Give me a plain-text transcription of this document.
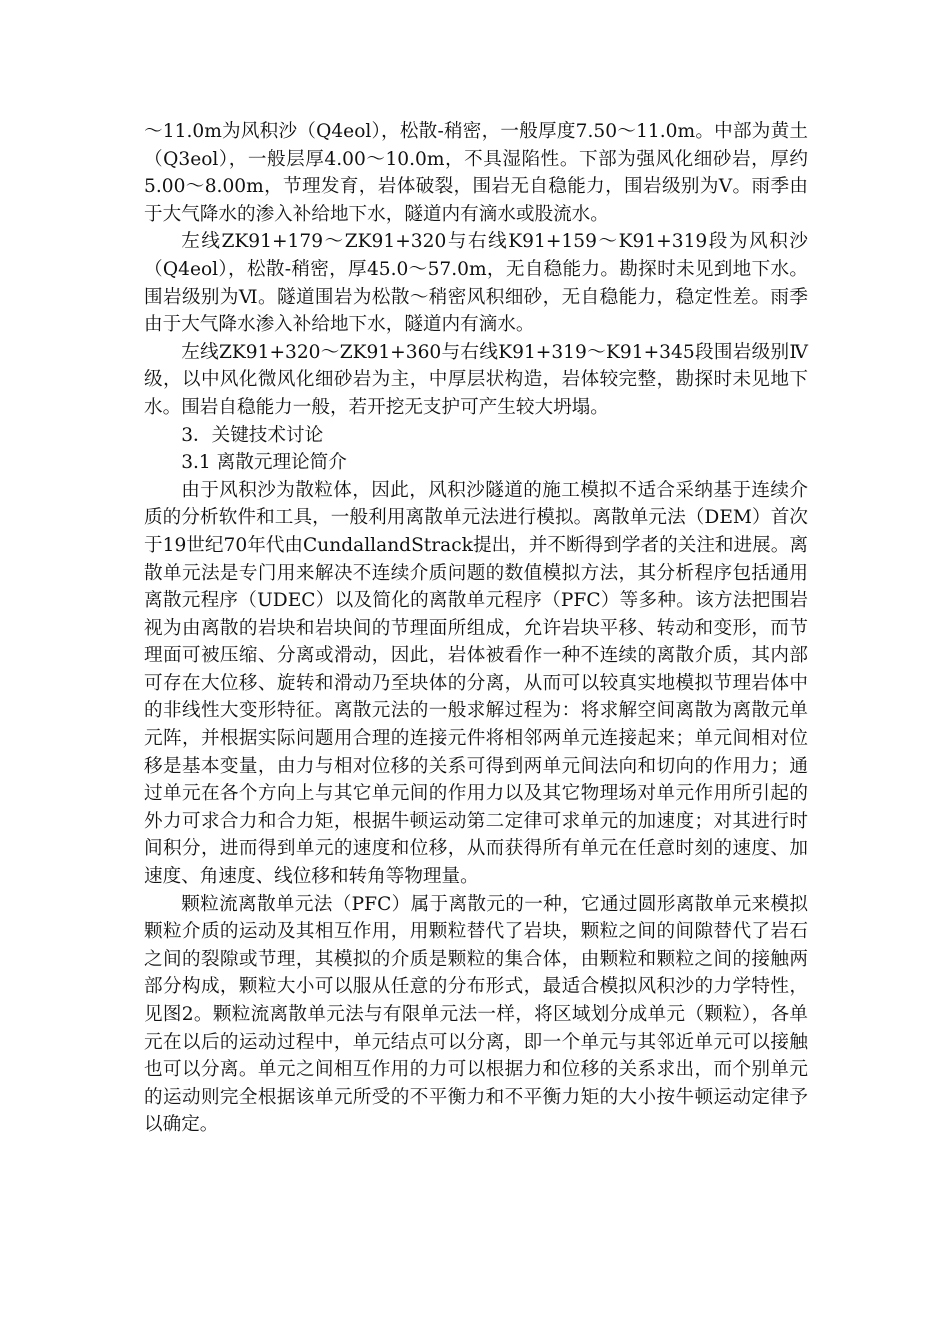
～11.0m为风积沙（Q4eol），松散-稍密，一般厚度7.50～11.0m。中部为黄土（Q3eol），一般层厚4.00～10.0m，不具湿陷性。下部为强风化细砂岩，厚约5.00～8.00m，节理发育，岩体破裂，围岩无自稳能力，围岩级别为Ⅴ。雨季由于大气降水的渗入补给地下水，隧道内有滴水或股流水。

左线ZK91+179～ZK91+320与右线K91+159～K91+319段为风积沙（Q4eol），松散-稍密，厚45.0～57.0m，无自稳能力。勘探时未见到地下水。围岩级别为Ⅵ。隧道围岩为松散～稍密风积细砂，无自稳能力，稳定性差。雨季由于大气降水渗入补给地下水，隧道内有滴水。

左线ZK91+320～ZK91+360与右线K91+319～K91+345段围岩级别Ⅳ级，以中风化微风化细砂岩为主，中厚层状构造，岩体较完整，勘探时未见地下水。围岩自稳能力一般，若开挖无支护可产生较大坍塌。

3．关键技术讨论

3.1 离散元理论简介

由于风积沙为散粒体，因此，风积沙隧道的施工模拟不适合采纳基于连续介质的分析软件和工具，一般利用离散单元法进行模拟。离散单元法（DEM）首次于19世纪70年代由CundallandStrack提出，并不断得到学者的关注和进展。离散单元法是专门用来解决不连续介质问题的数值模拟方法，其分析程序包括通用离散元程序（UDEC）以及简化的离散单元程序（PFC）等多种。该方法把围岩视为由离散的岩块和岩块间的节理面所组成，允许岩块平移、转动和变形，而节理面可被压缩、分离或滑动，因此，岩体被看作一种不连续的离散介质，其内部可存在大位移、旋转和滑动乃至块体的分离，从而可以较真实地模拟节理岩体中的非线性大变形特征。离散元法的一般求解过程为：将求解空间离散为离散元单元阵，并根据实际问题用合理的连接元件将相邻两单元连接起来；单元间相对位移是基本变量，由力与相对位移的关系可得到两单元间法向和切向的作用力；通过单元在各个方向上与其它单元间的作用力以及其它物理场对单元作用所引起的外力可求合力和合力矩，根据牛顿运动第二定律可求单元的加速度；对其进行时间积分，进而得到单元的速度和位移，从而获得所有单元在任意时刻的速度、加速度、角速度、线位移和转角等物理量。

颗粒流离散单元法（PFC）属于离散元的一种，它通过圆形离散单元来模拟颗粒介质的运动及其相互作用，用颗粒替代了岩块，颗粒之间的间隙替代了岩石之间的裂隙或节理，其模拟的介质是颗粒的集合体，由颗粒和颗粒之间的接触两部分构成，颗粒大小可以服从任意的分布形式，最适合模拟风积沙的力学特性，见图2。颗粒流离散单元法与有限单元法一样，将区域划分成单元（颗粒），各单元在以后的运动过程中，单元结点可以分离，即一个单元与其邻近单元可以接触也可以分离。单元之间相互作用的力可以根据力和位移的关系求出，而个别单元的运动则完全根据该单元所受的不平衡力和不平衡力矩的大小按牛顿运动定律予以确定。
